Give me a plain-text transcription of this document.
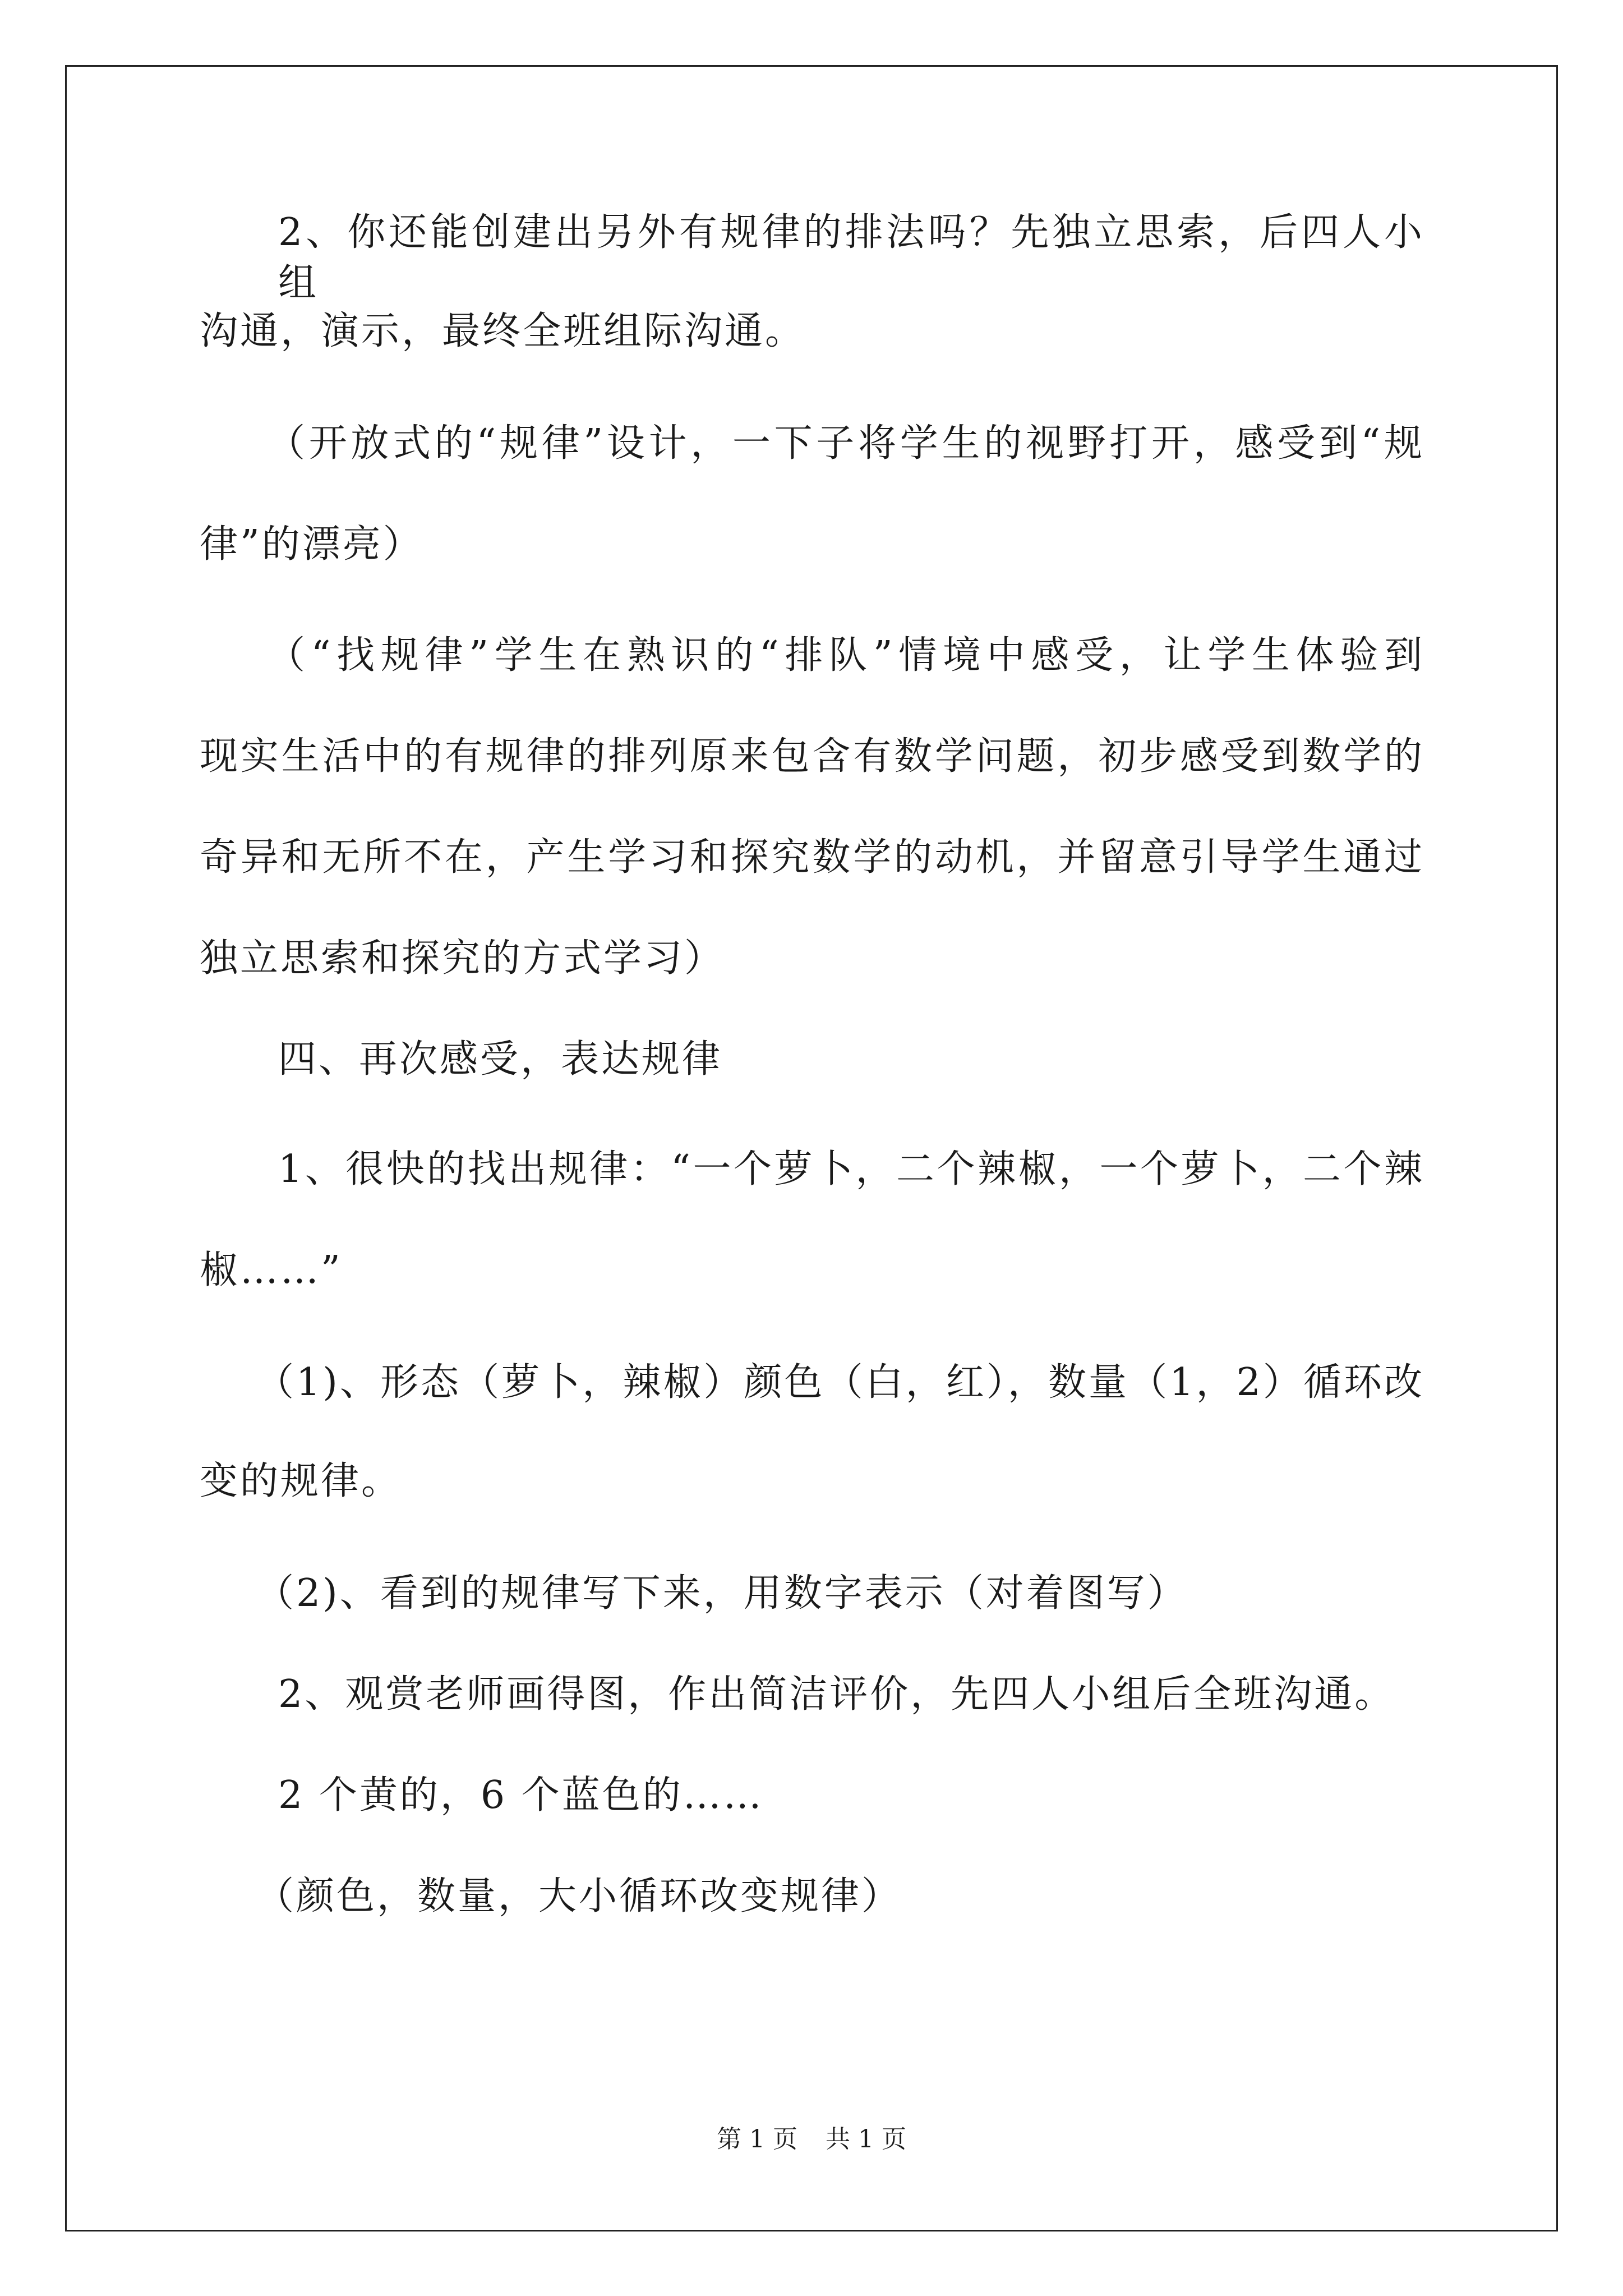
2、你还能创建出另外有规律的排法吗？先独立思索，后四人小组
沟通，演示，最终全班组际沟通。
（开放式的“规律”设计，一下子将学生的视野打开，感受到“规
律”的漂亮）
（“找规律”学生在熟识的“排队”情境中感受，让学生体验到
现实生活中的有规律的排列原来包含有数学问题，初步感受到数学的
奇异和无所不在，产生学习和探究数学的动机，并留意引导学生通过
独立思索和探究的方式学习）
四、再次感受，表达规律
1、很快的找出规律：“一个萝卜，二个辣椒，一个萝卜，二个辣
椒……”
（1)、形态（萝卜，辣椒）颜色（白，红），数量（1，2）循环改
变的规律。
（2)、看到的规律写下来，用数字表示（对着图写）
2、观赏老师画得图，作出简洁评价，先四人小组后全班沟通。
2 个黄的，6 个蓝色的……
（颜色，数量，大小循环改变规律）
第 1 页 共 1 页
